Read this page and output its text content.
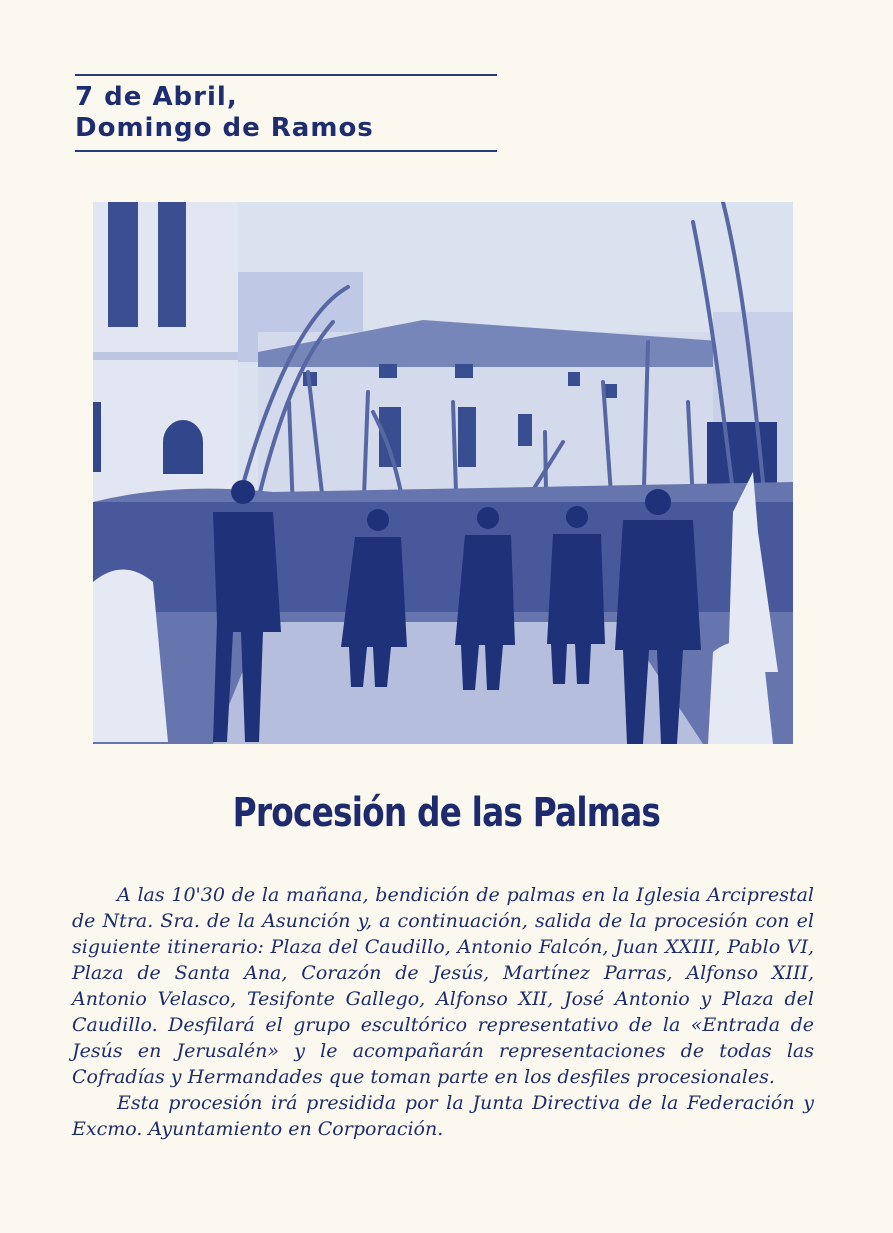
7 de Abril,
Domingo de Ramos
Procesión de las Palmas

A las 10'30 de la mañana, bendición de palmas en la Iglesia Arciprestal de Ntra. Sra. de la Asunción y, a continuación, salida de la procesión con el siguiente itinerario: Plaza del Caudillo, Antonio Falcón, Juan XXIII, Pablo VI, Plaza de Santa Ana, Corazón de Jesús, Martínez Parras, Alfonso XIII, Antonio Velasco, Tesifonte Gallego, Alfonso XII, José Antonio y Plaza del Caudillo. Desfilará el grupo escultórico representativo de la «Entrada de Jesús en Jerusalén» y le acompañarán representaciones de todas las Cofradías y Hermandades que toman parte en los desfiles procesionales.

Esta procesión irá presidida por la Junta Directiva de la Federación y Excmo. Ayuntamiento en Corporación.
